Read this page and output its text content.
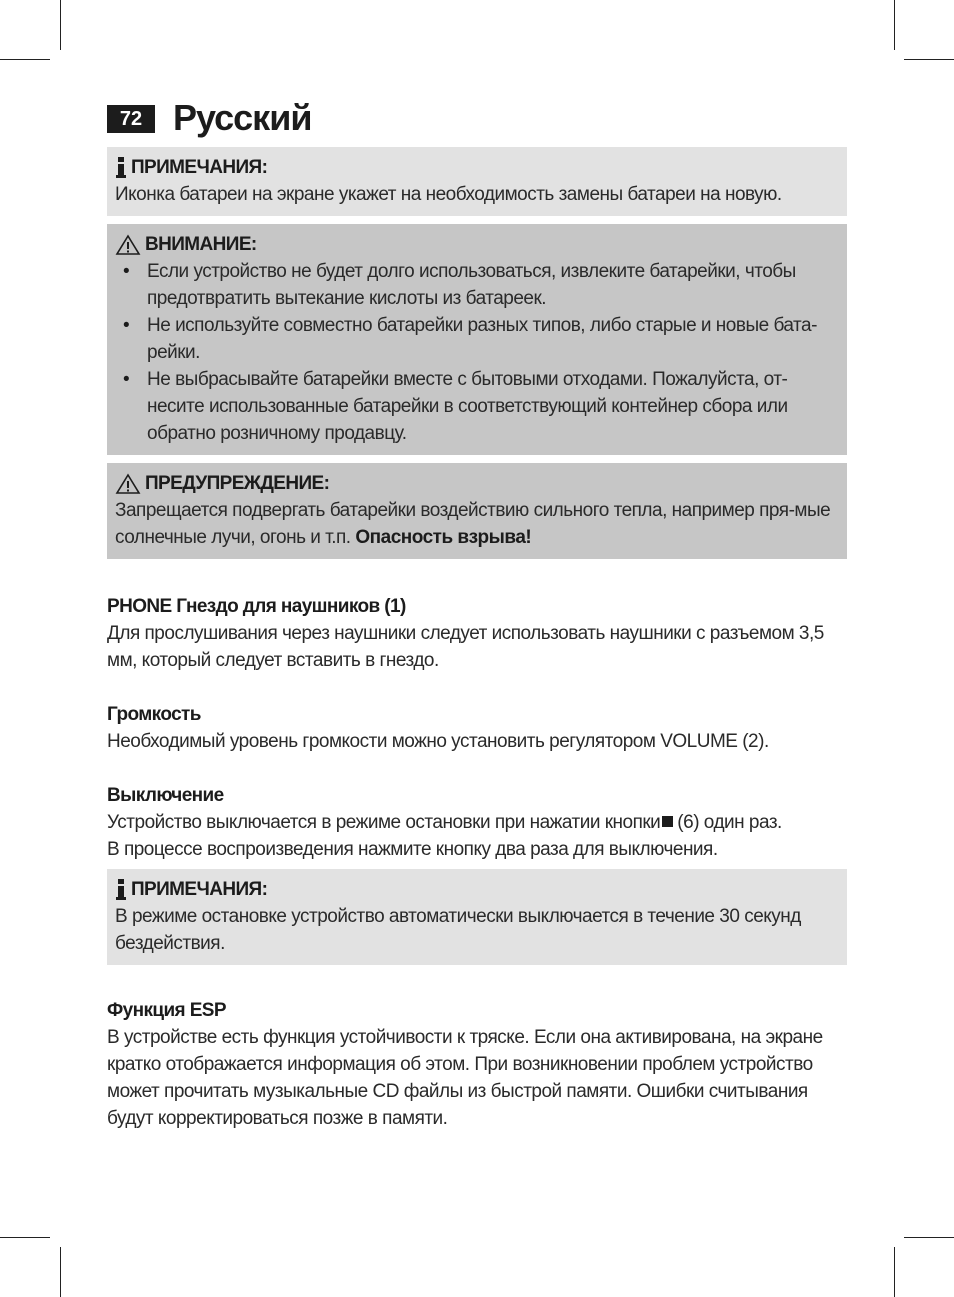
72 Русский
ПРИМЕЧАНИЯ:
Иконка батареи на экране укажет на необходимость замены батареи на новую.
ВНИМАНИЕ:
• Если устройство не будет долго использоваться, извлеките батарейки, чтобы предотвратить вытекание кислоты из батареек.
• Не используйте совместно батарейки разных типов, либо старые и новые бата-рейки.
• Не выбрасывайте батарейки вместе с бытовыми отходами. Пожалуйста, от-несите использованные батарейки в соответствующий контейнер сбора или обратно розничному продавцу.
ПРЕДУПРЕЖДЕНИЕ:
Запрещается подвергать батарейки воздействию сильного тепла, например пря-мые солнечные лучи, огонь и т.п. Опасность взрыва!
PHONE Гнездо для наушников (1)
Для прослушивания через наушники следует использовать наушники с разъемом 3,5 мм, который следует вставить в гнездо.
Громкость
Необходимый уровень громкости можно установить регулятором VOLUME (2).
Выключение
Устройство выключается в режиме остановки при нажатии кнопки (6) один раз.
В процессе воспроизведения нажмите кнопку два раза для выключения.
ПРИМЕЧАНИЯ:
В режиме остановке устройство автоматически выключается в течение 30 секунд бездействия.
Функция ESP
В устройстве есть функция устойчивости к тряске. Если она активирована, на экране кратко отображается информация об этом. При возникновении проблем устройство может прочитать музыкальные CD файлы из быстрой памяти. Ошибки считывания будут корректироваться позже в памяти.
